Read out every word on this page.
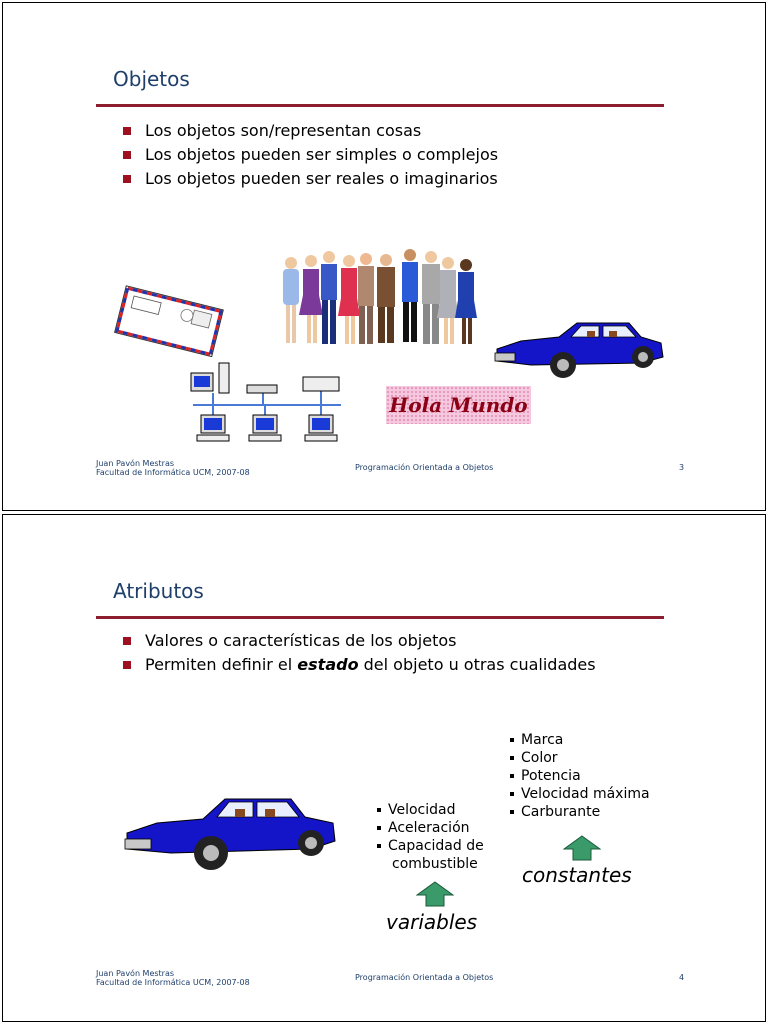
Objetos
Los objetos son/representan cosas
Los objetos pueden ser simples o complejos
Los objetos pueden ser reales o imaginarios
Hola Mundo
Juan Pavón Mestras
Facultad de Informática UCM, 2007-08
Programación Orientada a Objetos	3
Atributos
Valores o características de los objetos
Permiten definir el estado del objeto u otras cualidades
Marca
Color
Potencia
Velocidad máxima
Carburante
Velocidad
Aceleración
Capacidad de
combustible constantes
variables
Juan Pavón Mestras
Facultad de Informática UCM, 2007-08
Programación Orientada a Objetos	4
